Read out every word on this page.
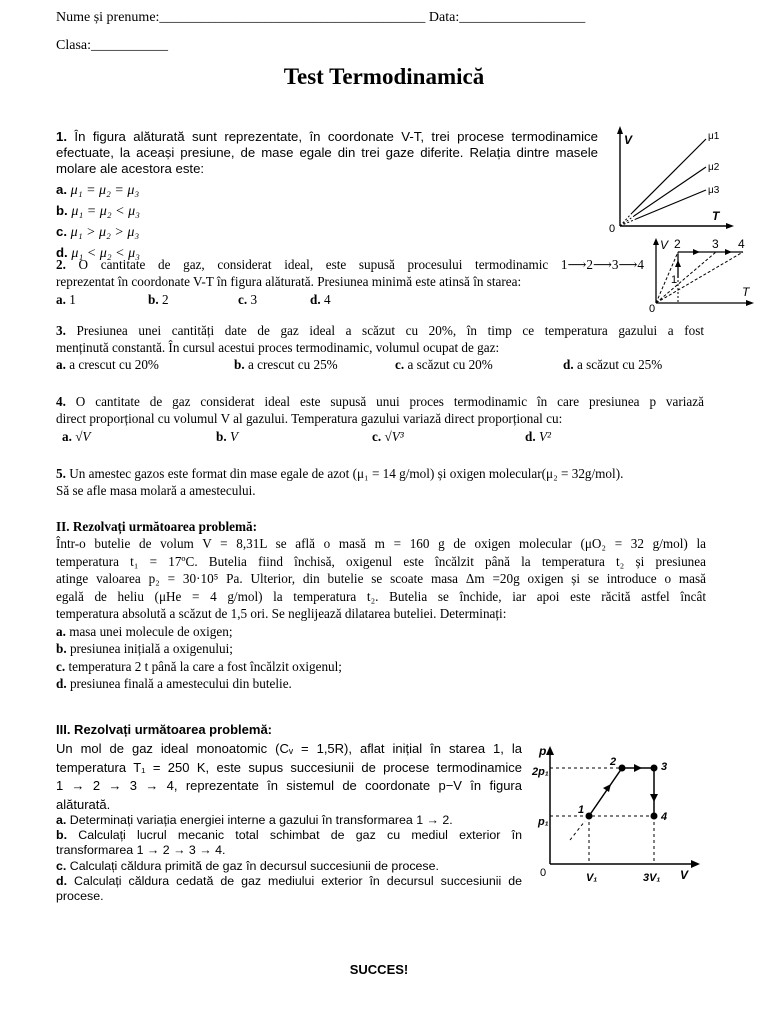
Nume și prenume:______________________________________ Data:__________________
Clasa:___________
Test Termodinamică
1. În figura alăturată sunt reprezentate, în coordonate V-T, trei procese termodinamice
efectuate, la aceași presiune, de mase egale din trei gaze diferite. Relația dintre masele
molare ale acestora este:
a. μ₁ = μ₂ = μ₃
b. μ₁ = μ₂ < μ₃
c. μ₁ > μ₂ > μ₃
d. μ₁ < μ₂ < μ₃
V
T
0
μ1
μ2
μ3
2. O cantitate de gaz, considerat ideal, este supusă procesului termodinamic 1⟶2⟶3⟶4
reprezentat în coordonate V-T în figura alăturată. Presiunea minimă este atinsă în starea:
a. 1	b. 2	c. 3	d. 4
V
T
0
1
2	3 4
3. Presiunea unei cantități date de gaz ideal a scăzut cu 20%, în timp ce temperatura gazului a fost
menținută constantă. În cursul acestui proces termodinamic, volumul ocupat de gaz:
a. a crescut cu 20%	b. a crescut cu 25%	c. a scăzut cu 20%	d. a scăzut cu 25%
4. O cantitate de gaz considerat ideal este supusă unui proces termodinamic în care presiunea p variază
direct proporțional cu volumul V al gazului. Temperatura gazului variază direct proporțional cu:
a. √V	b. V	c. √V³	d. V²
5. Un amestec gazos este format din mase egale de azot (μ₁ = 14 g/mol) și oxigen molecular(μ₂ = 32g/mol).
Să se afle masa molară a amestecului.
II. Rezolvați următoarea problemă:
Într-o butelie de volum V = 8,31L se află o masă m = 160 g de oxigen molecular (μO₂ = 32 g/mol) la
temperatura t₁ = 17ºC. Butelia fiind închisă, oxigenul este încălzit până la temperatura t₂ și presiunea
atinge valoarea p₂ = 30·10⁵ Pa. Ulterior, din butelie se scoate masa Δm =20g oxigen și se introduce o masă
egală de heliu (μHe = 4 g/mol) la temperatura t₂. Butelia se închide, iar apoi este răcită astfel încât
temperatura absolută a scăzut de 1,5 ori. Se neglijează dilatarea buteliei. Determinați:
a. masa unei molecule de oxigen;
b. presiunea inițială a oxigenului;
c. temperatura 2 t până la care a fost încălzit oxigenul;
d. presiunea finală a amestecului din butelie.
III. Rezolvați următoarea problemă:
Un mol de gaz ideal monoatomic (Cᵥ = 1,5R), aflat inițial în starea 1, la
temperatura T₁ = 250 K, este supus succesiunii de procese termodinamice
1 → 2 → 3 → 4, reprezentate în sistemul de coordonate p−V în figura
alăturată.
a. Determinați variația energiei interne a gazului în transformarea 1 → 2.
b. Calculați lucrul mecanic total schimbat de gaz cu mediul exterior în
transformarea 1 → 2 → 3 → 4.
c. Calculați căldura primită de gaz în decursul succesiunii de procese.
d. Calculați căldura cedată de gaz mediului exterior în decursul succesiunii de
procese.
p
V
0
2p₁
p₁
V₁	3V₁
1
2	3
4
SUCCES!
